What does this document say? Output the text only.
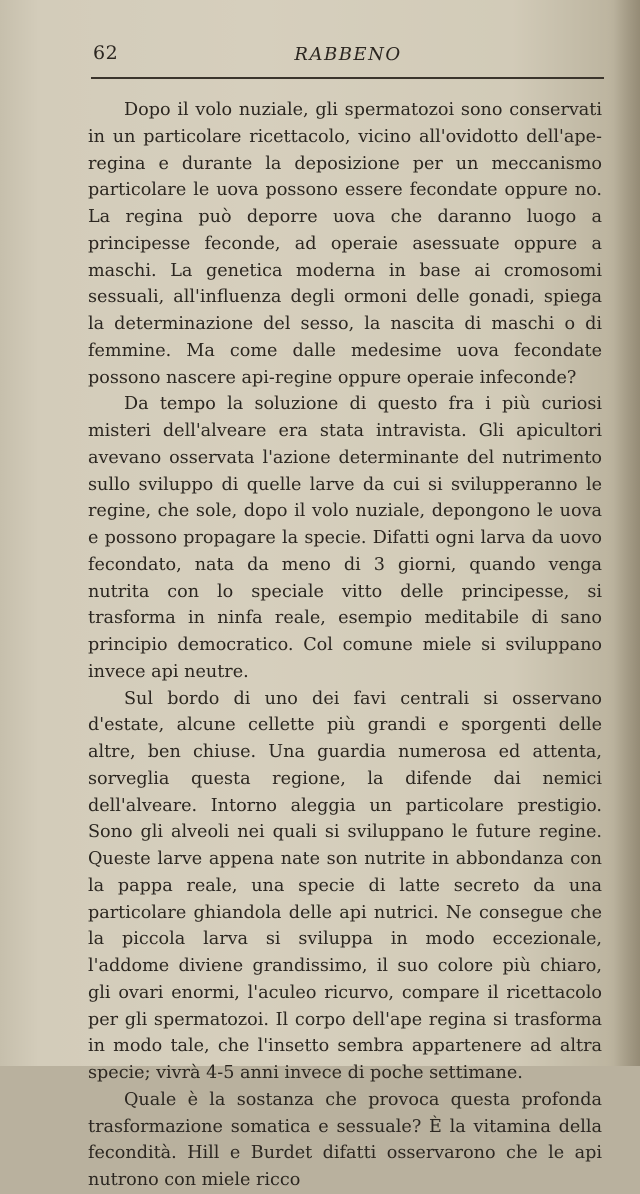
62	RABBENO

Dopo il volo nuziale, gli spermatozoi sono conservati in un particolare ricettacolo, vicino all'ovidotto dell'ape-regina e durante la deposizione per un meccanismo particolare le uova possono essere fecondate oppure no. La regina può deporre uova che daranno luogo a principesse feconde, ad operaie asessuate oppure a maschi. La genetica moderna in base ai cromosomi sessuali, all'influenza degli ormoni delle gonadi, spiega la determinazione del sesso, la nascita di maschi o di femmine. Ma come dalle medesime uova fecondate possono nascere api-regine oppure operaie infeconde?

Da tempo la soluzione di questo fra i più curiosi misteri dell'alveare era stata intravista. Gli apicultori avevano osservata l'azione determinante del nutrimento sullo sviluppo di quelle larve da cui si svilupperanno le regine, che sole, dopo il volo nuziale, depongono le uova e possono propagare la specie. Difatti ogni larva da uovo fecondato, nata da meno di 3 giorni, quando venga nutrita con lo speciale vitto delle principesse, si trasforma in ninfa reale, esempio meditabile di sano principio democratico. Col comune miele si sviluppano invece api neutre.

Sul bordo di uno dei favi centrali si osservano d'estate, alcune cellette più grandi e sporgenti delle altre, ben chiuse. Una guardia numerosa ed attenta, sorveglia questa regione, la difende dai nemici dell'alveare. Intorno aleggia un particolare prestigio. Sono gli alveoli nei quali si sviluppano le future regine. Queste larve appena nate son nutrite in abbondanza con la pappa reale, una specie di latte secreto da una particolare ghiandola delle api nutrici. Ne consegue che la piccola larva si sviluppa in modo eccezionale, l'addome diviene grandissimo, il suo colore più chiaro, gli ovari enormi, l'aculeo ricurvo, compare il ricettacolo per gli spermatozoi. Il corpo dell'ape regina si trasforma in modo tale, che l'insetto sembra appartenere ad altra specie; vivrà 4-5 anni invece di poche settimane.

Quale è la sostanza che provoca questa profonda trasformazione somatica e sessuale? È la vitamina della fecondità. Hill e Burdet difatti osservarono che le api nutrono con miele ricco
